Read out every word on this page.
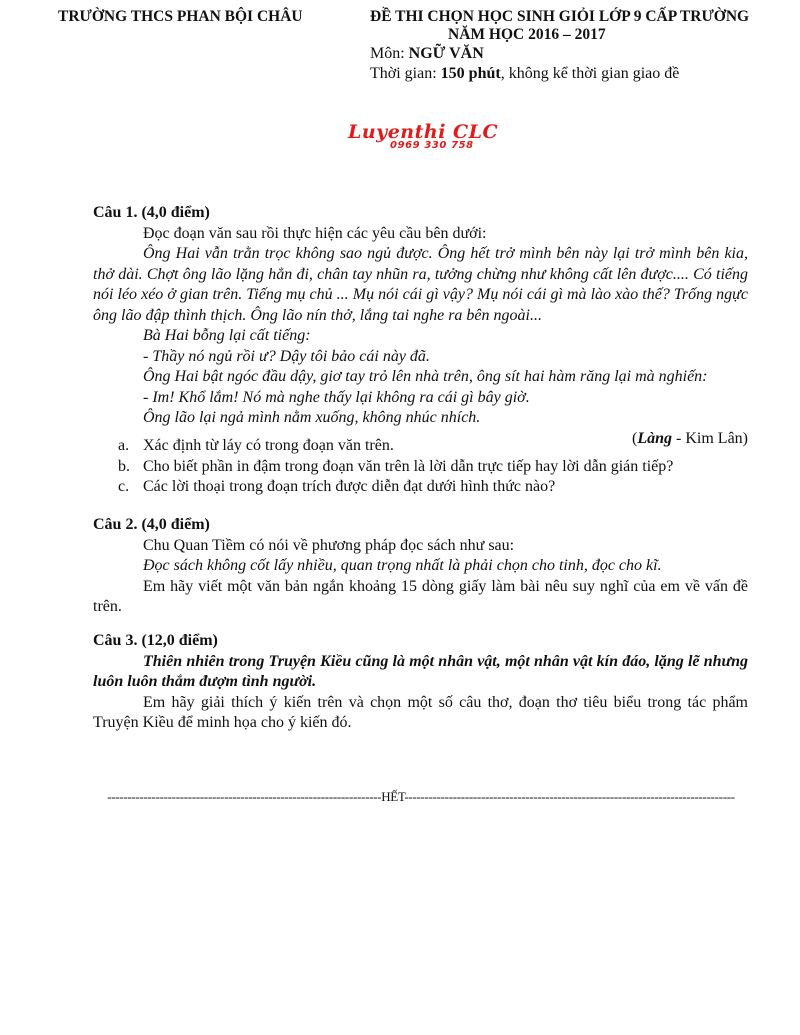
TRƯỜNG THCS PHAN BỘI CHÂU	ĐỀ THI CHỌN HỌC SINH GIỎI LỚP 9 CẤP TRƯỜNG
NĂM HỌC 2016 – 2017
Môn: NGỮ VĂN
Thời gian: 150 phút, không kể thời gian giao đề
Luyenthi CLC
0969 330 758

Câu 1. (4,0 điểm)

Đọc đoạn văn sau rồi thực hiện các yêu cầu bên dưới:

Ông Hai vẫn trằn trọc không sao ngủ được. Ông hết trở mình bên này lại trở mình bên kia, thở dài. Chợt ông lão lặng hẳn đi, chân tay nhũn ra, tưởng chừng như không cất lên được.... Có tiếng nói léo xéo ở gian trên. Tiếng mụ chủ ... Mụ nói cái gì vậy? Mụ nói cái gì mà lào xào thế? Trống ngực ông lão đập thình thịch. Ông lão nín thở, lắng tai nghe ra bên ngoài...

Bà Hai bỗng lại cất tiếng:

- Thầy nó ngủ rồi ư? Dậy tôi bảo cái này đã.

Ông Hai bật ngóc đầu dậy, giơ tay trỏ lên nhà trên, ông sít hai hàm răng lại mà nghiến:

- Im! Khổ lắm! Nó mà nghe thấy lại không ra cái gì bây giờ.

Ông lão lại ngả mình nằm xuống, không nhúc nhích.

(Làng - Kim Lân)

a. Xác định từ láy có trong đoạn văn trên.
b. Cho biết phần in đậm trong đoạn văn trên là lời dẫn trực tiếp hay lời dẫn gián tiếp?
c. Các lời thoại trong đoạn trích được diễn đạt dưới hình thức nào?

Câu 2. (4,0 điểm)

Chu Quan Tiềm có nói về phương pháp đọc sách như sau:

Đọc sách không cốt lấy nhiều, quan trọng nhất là phải chọn cho tinh, đọc cho kĩ.

Em hãy viết một văn bản ngắn khoảng 15 dòng giấy làm bài nêu suy nghĩ của em về vấn đề trên.

Câu 3. (12,0 điểm)

Thiên nhiên trong Truyện Kiều cũng là một nhân vật, một nhân vật kín đáo, lặng lẽ nhưng luôn luôn thắm đượm tình người.

Em hãy giải thích ý kiến trên và chọn một số câu thơ, đoạn thơ tiêu biểu trong tác phẩm Truyện Kiều để minh họa cho ý kiến đó.

--------------------------------------------------------------------HẾT----------------------------------------------------------------------------------
